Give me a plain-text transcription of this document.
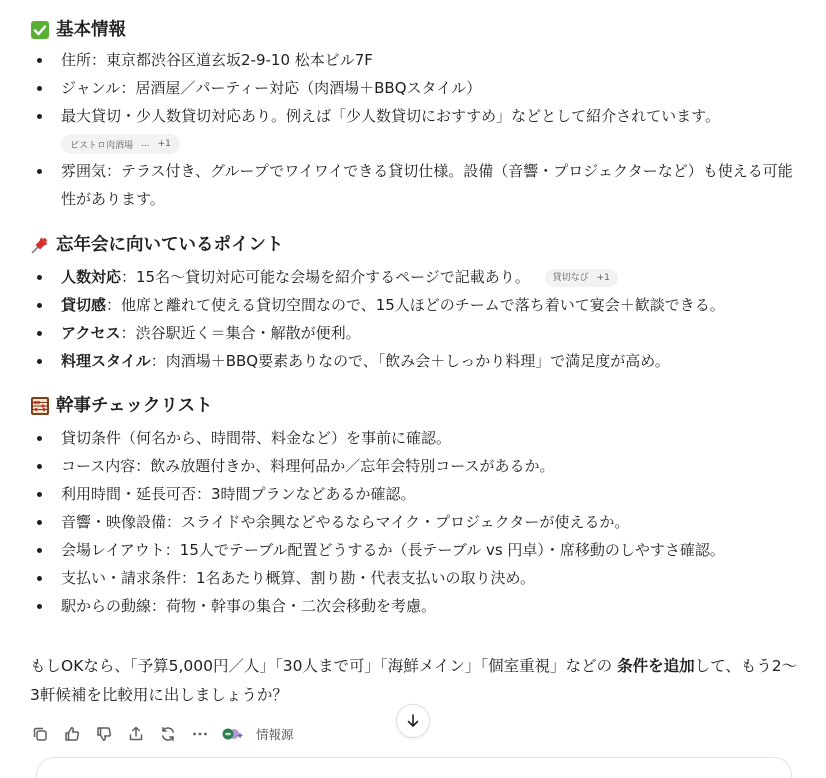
基本情報
住所：東京都渋谷区道玄坂2-9-10 松本ビル7F
ジャンル：居酒屋／パーティー対応（肉酒場＋BBQスタイル）
最大貸切・少人数貸切対応あり。例えば「少人数貸切におすすめ」などとして紹介されています。
ビストロ肉酒場 ... +1
雰囲気：テラス付き、グループでワイワイできる貸切仕様。設備（音響・プロジェクターなど）も使える可能性があります。
忘年会に向いているポイント
人数対応：15名〜貸切対応可能な会場を紹介するページで記載あり。	貸切なび +1
貸切感：他席と離れて使える貸切空間なので、15人ほどのチームで落ち着いて宴会＋歓談できる。
アクセス：渋谷駅近く＝集合・解散が便利。
料理スタイル：肉酒場＋BBQ要素ありなので、「飲み会＋しっかり料理」で満足度が高め。
幹事チェックリスト
貸切条件（何名から、時間帯、料金など）を事前に確認。
コース内容：飲み放題付きか、料理何品か／忘年会特別コースがあるか。
利用時間・延長可否：3時間プランなどあるか確認。
音響・映像設備：スライドや余興などやるならマイク・プロジェクターが使えるか。
会場レイアウト：15人でテーブル配置どうするか（長テーブル vs 円卓）・席移動のしやすさ確認。
支払い・請求条件：1名あたり概算、割り勘・代表支払いの取り決め。
駅からの動線：荷物・幹事の集合・二次会移動を考慮。
もしOKなら、「予算5,000円／人」「30人まで可」「海鮮メイン」「個室重視」などの 条件を追加して、もう2〜3軒候補を比較用に出しましょうか？
情報源
